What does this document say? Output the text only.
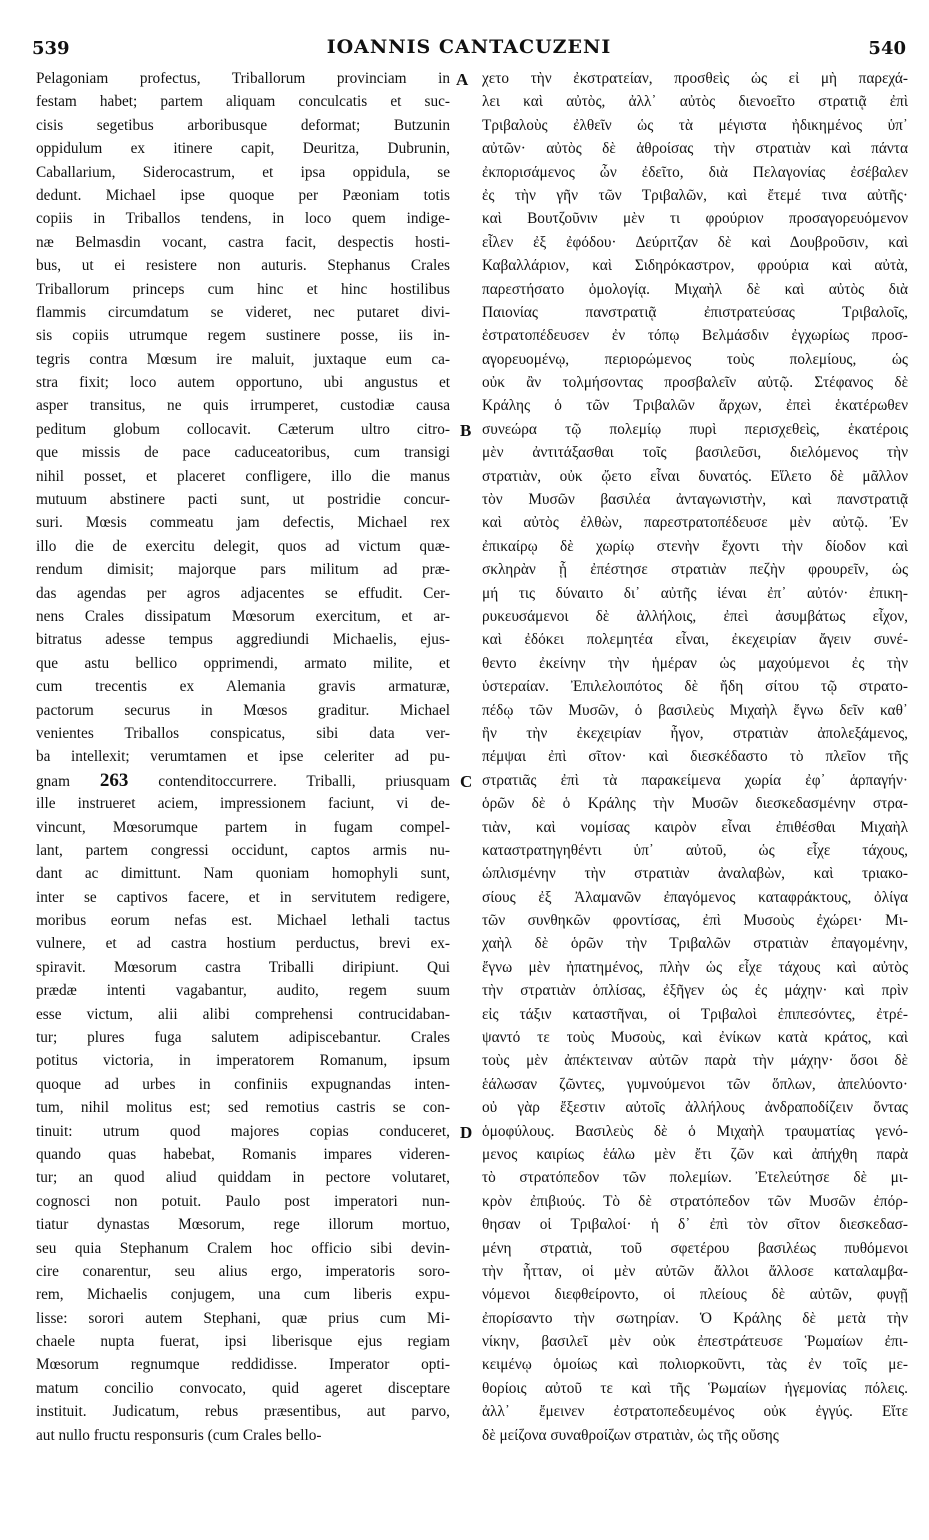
539	IOANNIS CANTACUZENI	540
Pelagoniam profectus, Triballorum provinciam in
festam habet; partem aliquam conculcatis et suc-
cisis segetibus arboribusque deformat; Butzunin
oppidulum ex itinere capit, Deuritza, Dubrunin,
Caballarium, Siderocastrum, et ipsa oppidula, se
dedunt. Michael ipse quoque per Pæoniam totis
copiis in Triballos tendens, in loco quem indige-
næ Belmasdin vocant, castra facit, despectis hosti-
bus, ut ei resistere non auturis. Stephanus Crales
Triballorum princeps cum hinc et hinc hostilibus
flammis circumdatum se videret, nec putaret divi-
sis copiis utrumque regem sustinere posse, iis in-
tegris contra Mœsum ire maluit, juxtaque eum ca-
stra fixit; loco autem opportuno, ubi angustus et
asper transitus, ne quis irrumperet, custodiæ causa
peditum globum collocavit. Cæterum ultro citro-
que missis de pace caduceatoribus, cum transigi
nihil posset, et placeret confligere, illo die manus
mutuum abstinere pacti sunt, ut postridie concur-
suri. Mœsis commeatu jam defectis, Michael rex
illo die de exercitu delegit, quos ad victum quæ-
rendum dimisit; majorque pars militum ad præ-
das agendas per agros adjacentes se effudit. Cer-
nens Crales dissipatum Mœsorum exercitum, et ar-
bitratus adesse tempus aggrediundi Michaelis, ejus-
que astu bellico opprimendi, armato milite, et
cum trecentis ex Alemania gravis armaturæ,
pactorum securus in Mœsos graditur. Michael
venientes Triballos conspicatus, sibi data ver-
ba intellexit; verumtamen et ipse celeriter ad pu-
gnam 263 contenditoccurrere. Triballi, priusquam
ille instrueret aciem, impressionem faciunt, vi de-
vincunt, Mœsorumque partem in fugam compel-
lant, partem congressi occidunt, captos armis nu-
dant ac dimittunt. Nam quoniam homophyli sunt,
inter se captivos facere, et in servitutem redigere,
moribus eorum nefas est. Michael lethali tactus
vulnere, et ad castra hostium perductus, brevi ex-
spiravit. Mœsorum castra Triballi diripiunt. Qui
prædæ intenti vagabantur, audito, regem suum
esse victum, alii alibi comprehensi contrucidaban-
tur; plures fuga salutem adipiscebantur. Crales
potitus victoria, in imperatorem Romanum, ipsum
quoque ad urbes in confiniis expugnandas inten-
tum, nihil molitus est; sed remotius castris se con-
tinuit: utrum quod majores copias conduceret,
quando quas habebat, Romanis impares videren-
tur; an quod aliud quiddam in pectore volutaret,
cognosci non potuit. Paulo post imperatori nun-
tiatur dynastas Mœsorum, rege illorum mortuo,
seu quia Stephanum Cralem hoc officio sibi devin-
cire conarentur, seu alius ergo, imperatoris soro-
rem, Michaelis conjugem, una cum liberis expu-
lisse: sorori autem Stephani, quæ prius cum Mi-
chaele nupta fuerat, ipsi liberisque ejus regiam
Mœsorum regnumque reddidisse. Imperator opti-
matum concilio convocato, quid ageret disceptare
instituit. Judicatum, rebus præsentibus, aut parvo,
aut nullo fructu responsuris (cum Crales bello-
χετο τὴν ἐκστρατείαν, προσθεὶς ὡς εἰ μὴ παρεχά-
λει καὶ αὐτὸς, ἀλλ᾽ αὐτὸς διενοεῖτο στρατιᾷ ἐπὶ
Τριβαλοὺς ἐλθεῖν ὡς τὰ μέγιστα ἠδικημένος ὑπ᾽
αὐτῶν· αὐτὸς δὲ ἀθροίσας τὴν στρατιὰν καὶ πάντα
ἐκπορισάμενος ὧν ἐδεῖτο, διὰ Πελαγονίας ἐσέβαλεν
ἐς τὴν γῆν τῶν Τριβαλῶν, καὶ ἔτεμέ τινα αὐτῆς·
καὶ Βουτζοῦνιν μὲν τι φρούριον προσαγορευόμενον
εἷλεν ἐξ ἐφόδου· Δεύριτζαν δὲ καὶ Δουβροῦσιν, καὶ
Καβαλλάριον, καὶ Σιδηρόκαστρον, φρούρια καὶ αὐτὰ,
παρεστήσατο ὁμολογίᾳ. Μιχαὴλ δὲ καὶ αὐτὸς διὰ
Παιονίας πανστρατιᾷ ἐπιστρατεύσας Τριβαλοῖς,
ἐστρατοπέδευσεν ἐν τόπῳ Βελμάσδιν ἐγχωρίως προσ-
αγορευομένῳ, περιορώμενος τοὺς πολεμίους, ὡς
οὐκ ἂν τολμήσοντας προσβαλεῖν αὐτῷ. Στέφανος δὲ
Κράλης ὁ τῶν Τριβαλῶν ἄρχων, ἐπεὶ ἑκατέρωθεν
συνεώρα τῷ πολεμίῳ πυρὶ περισχεθεὶς, ἑκατέροις
μὲν ἀντιτάξασθαι τοῖς βασιλεῦσι, διελόμενος τὴν
στρατιὰν, οὐκ ᾤετο εἶναι δυνατός. Εἵλετο δὲ μᾶλλον
τὸν Μυσῶν βασιλέα ἀνταγωνιστὴν, καὶ πανστρατιᾷ
καὶ αὐτὸς ἐλθὼν, παρεστρατοπέδευσε μὲν αὐτῷ. Ἐν
ἐπικαίρῳ δὲ χωρίῳ στενὴν ἔχοντι τὴν δίοδον καὶ
σκληρὰν ᾗ ἐπέστησε στρατιὰν πεζὴν φρουρεῖν, ὡς
μή τις δύναιτο δι᾽ αὐτῆς ἰέναι ἐπ᾽ αὐτόν· ἐπικη-
ρυκευσάμενοι δὲ ἀλλήλοις, ἐπεὶ ἀσυμβάτως εἶχον,
καὶ ἐδόκει πολεμητέα εἶναι, ἐκεχειρίαν ἄγειν συνέ-
θεντο ἐκείνην τὴν ἡμέραν ὡς μαχούμενοι ἐς τὴν
ὑστεραίαν. Ἐπιλελοιπότος δὲ ἤδη σίτου τῷ στρατο-
πέδῳ τῶν Μυσῶν, ὁ βασιλεὺς Μιχαὴλ ἔγνω δεῖν καθ᾽
ἣν τὴν ἐκεχειρίαν ἦγον, στρατιὰν ἀπολεξάμενος,
πέμψαι ἐπὶ σῖτον· καὶ διεσκέδαστο τὸ πλεῖον τῆς
στρατιᾶς ἐπὶ τὰ παρακείμενα χωρία ἐφ᾽ ἁρπαγήν·
ὁρῶν δὲ ὁ Κράλης τὴν Μυσῶν διεσκεδασμένην στρα-
τιὰν, καὶ νομίσας καιρὸν εἶναι ἐπιθέσθαι Μιχαὴλ
καταστρατηγηθέντι ὑπ᾽ αὐτοῦ, ὡς εἶχε τάχους,
ὡπλισμένην τὴν στρατιὰν ἀναλαβὼν, καὶ τριακο-
σίους ἐξ Ἀλαμανῶν ἐπαγόμενος καταφράκτους, ὀλίγα
τῶν συνθηκῶν φροντίσας, ἐπὶ Μυσοὺς ἐχώρει· Μι-
χαὴλ δὲ ὁρῶν τὴν Τριβαλῶν στρατιὰν ἐπαγομένην,
ἔγνω μὲν ἠπατημένος, πλὴν ὡς εἶχε τάχους καὶ αὐτὸς
τὴν στρατιὰν ὁπλίσας, ἐξῆγεν ὡς ἐς μάχην· καὶ πρὶν
εἰς τάξιν καταστῆναι, οἱ Τριβαλοὶ ἐπιπεσόντες, ἐτρέ-
ψαντό τε τοὺς Μυσοὺς, καὶ ἐνίκων κατὰ κράτος, καὶ
τοὺς μὲν ἀπέκτειναν αὐτῶν παρὰ τὴν μάχην· ὅσοι δὲ
ἑάλωσαν ζῶντες, γυμνούμενοι τῶν ὅπλων, ἀπελύοντο·
οὐ γὰρ ἔξεστιν αὐτοῖς ἀλλήλους ἀνδραποδίζειν ὄντας
ὁμοφύλους. Βασιλεὺς δὲ ὁ Μιχαὴλ τραυματίας γενό-
μενος καιρίως ἑάλω μὲν ἔτι ζῶν καὶ ἀπήχθη παρὰ
τὸ στρατόπεδον τῶν πολεμίων. Ἐτελεύτησε δὲ μι-
κρὸν ἐπιβιούς. Τὸ δὲ στρατόπεδον τῶν Μυσῶν ἐπόρ-
θησαν οἱ Τριβαλοί· ἡ δ᾽ ἐπὶ τὸν σῖτον διεσκεδασ-
μένη στρατιὰ, τοῦ σφετέρου βασιλέως πυθόμενοι
τὴν ἧτταν, οἱ μὲν αὐτῶν ἄλλοι ἄλλοσε καταλαμβα-
νόμενοι διεφθείροντο, οἱ πλείους δὲ αὐτῶν, φυγῇ
ἐπορίσαντο τὴν σωτηρίαν. Ὁ Κράλης δὲ μετὰ τὴν
νίκην, βασιλεῖ μὲν οὐκ ἐπεστράτευσε Ῥωμαίων ἐπι-
κειμένῳ ὁμοίως καὶ πολιορκοῦντι, τὰς ἐν τοῖς με-
θορίοις αὐτοῦ τε καὶ τῆς Ῥωμαίων ἡγεμονίας πόλεις.
ἀλλ᾽ ἔμεινεν ἐστρατοπεδευμένος οὐκ ἐγγύς. Εἴτε
δὲ μείζονα συναθροίζων στρατιὰν, ὡς τῆς οὔσης
A
B
C
D
